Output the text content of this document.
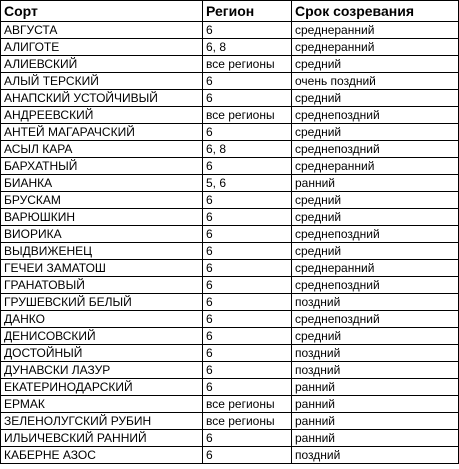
Сорт	Регион	Срок созревания
АВГУСТА	6	среднеранний
АЛИГОТЕ	6, 8	среднеранний
АЛИЕВСКИЙ	все регионы	средний
АЛЫЙ ТЕРСКИЙ	6	очень поздний
АНАПСКИЙ УСТОЙЧИВЫЙ	6	средний
АНДРЕЕВСКИЙ	все регионы	среднепоздний
АНТЕЙ МАГАРАЧСКИЙ	6	средний
АСЫЛ КАРА	6, 8	среднепоздний
БАРХАТНЫЙ	6	среднеранний
БИАНКА	5, 6	ранний
БРУСКАМ	6	средний
ВАРЮШКИН	6	средний
ВИОРИКА	6	среднепоздний
ВЫДВИЖЕНЕЦ	6	средний
ГЕЧЕИ ЗАМАТОШ	6	среднеранний
ГРАНАТОВЫЙ	6	среднепоздний
ГРУШЕВСКИЙ БЕЛЫЙ	6	поздний
ДАНКО	6	среднепоздний
ДЕНИСОВСКИЙ	6	средний
ДОСТОЙНЫЙ	6	поздний
ДУНАВСКИ ЛАЗУР	6	поздний
ЕКАТЕРИНОДАРСКИЙ	6	ранний
ЕРМАК	все регионы	ранний
ЗЕЛЕНОЛУГСКИЙ РУБИН	все регионы	ранний
ИЛЬИЧЕВСКИЙ РАННИЙ	6	ранний
КАБЕРНЕ АЗОС	6	поздний
